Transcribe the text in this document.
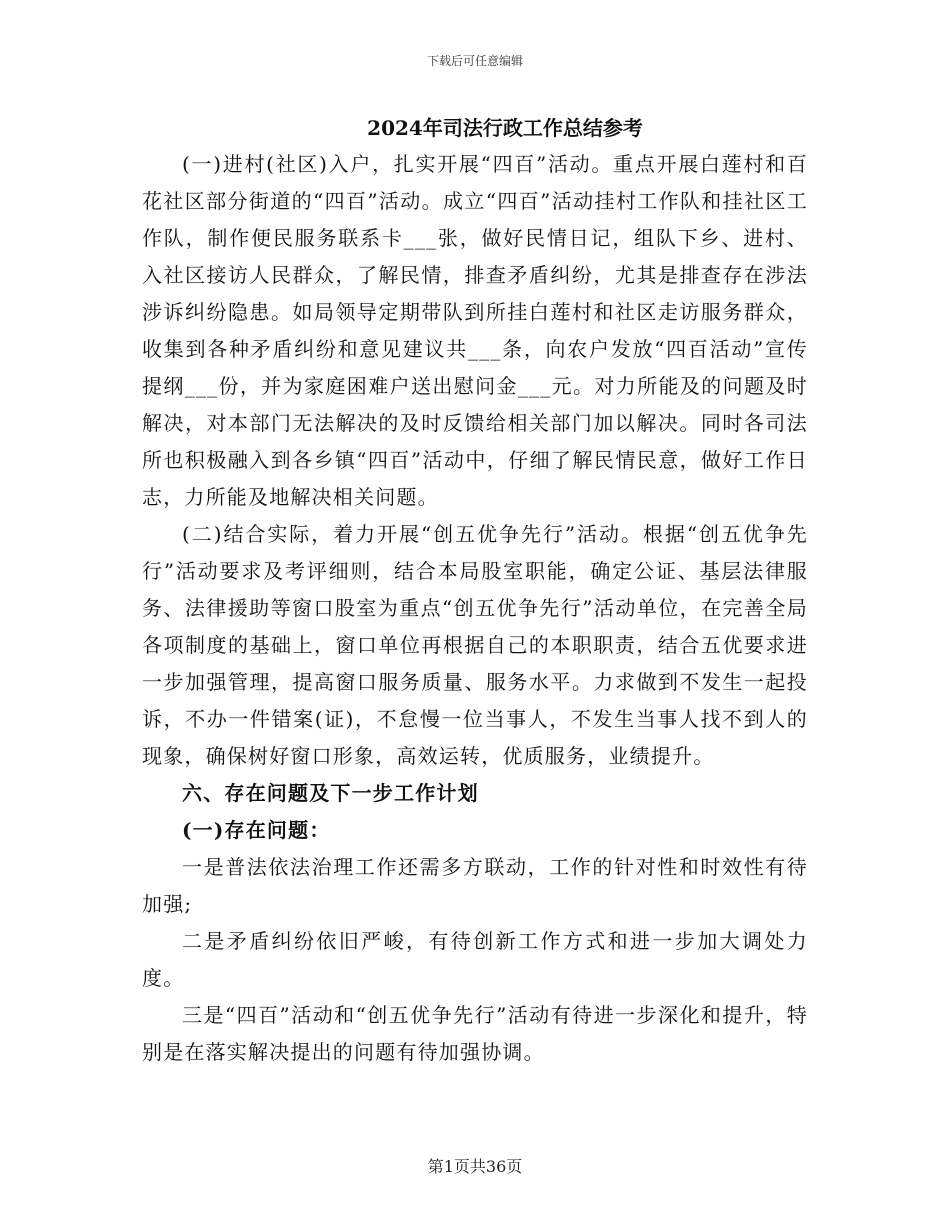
下载后可任意编辑
2024年司法行政工作总结参考

(一)进村(社区)入户，扎实开展“四百”活动。重点开展白莲村和百花社区部分街道的“四百”活动。成立“四百”活动挂村工作队和挂社区工作队，制作便民服务联系卡___张，做好民情日记，组队下乡、进村、入社区接访人民群众，了解民情，排查矛盾纠纷，尤其是排查存在涉法涉诉纠纷隐患。如局领导定期带队到所挂白莲村和社区走访服务群众，收集到各种矛盾纠纷和意见建议共___条，向农户发放“四百活动”宣传提纲___份，并为家庭困难户送出慰问金___元。对力所能及的问题及时解决，对本部门无法解决的及时反馈给相关部门加以解决。同时各司法所也积极融入到各乡镇“四百”活动中，仔细了解民情民意，做好工作日志，力所能及地解决相关问题。

(二)结合实际，着力开展“创五优争先行”活动。根据“创五优争先行”活动要求及考评细则，结合本局股室职能，确定公证、基层法律服务、法律援助等窗口股室为重点“创五优争先行”活动单位，在完善全局各项制度的基础上，窗口单位再根据自己的本职职责，结合五优要求进一步加强管理，提高窗口服务质量、服务水平。力求做到不发生一起投诉，不办一件错案(证)，不怠慢一位当事人，不发生当事人找不到人的现象，确保树好窗口形象，高效运转，优质服务，业绩提升。

六、存在问题及下一步工作计划

(一)存在问题：

一是普法依法治理工作还需多方联动，工作的针对性和时效性有待加强;

二是矛盾纠纷依旧严峻，有待创新工作方式和进一步加大调处力度。

三是“四百”活动和“创五优争先行”活动有待进一步深化和提升，特别是在落实解决提出的问题有待加强协调。

第1页共36页
